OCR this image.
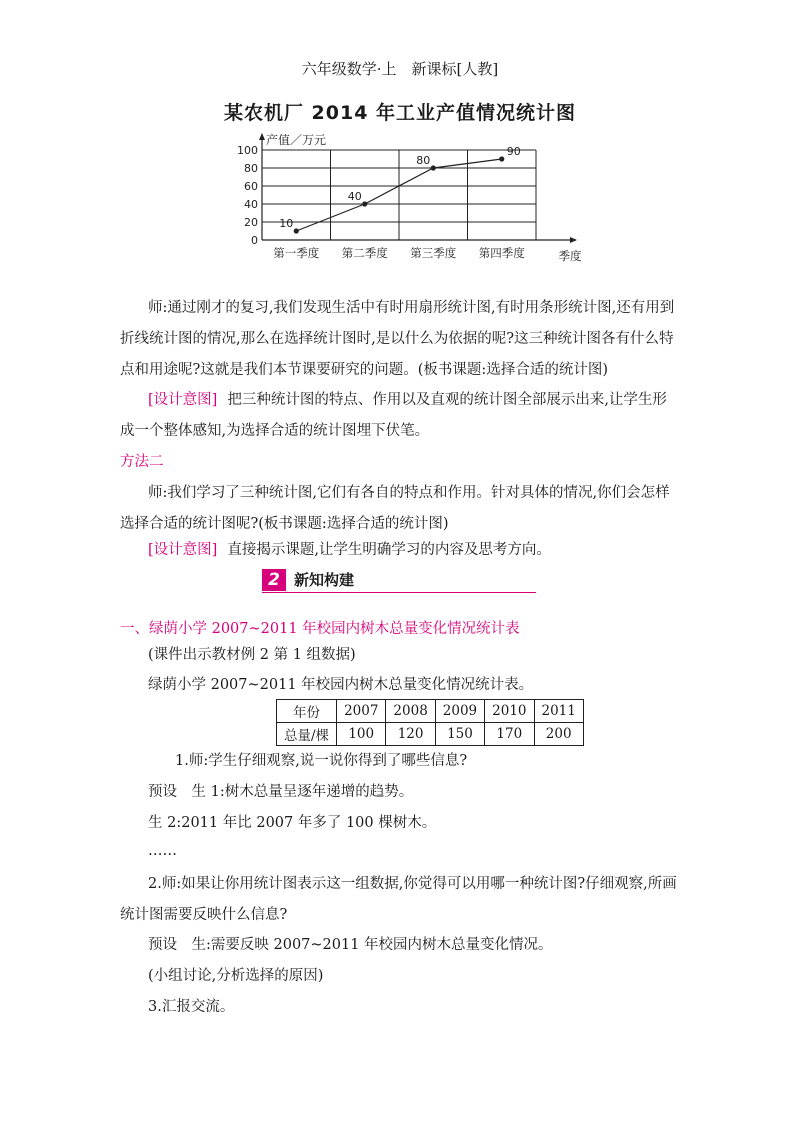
六年级数学·上　新课标[人教]
某农机厂 2014 年工业产值情况统计图
0
20
40
60
80
100
产值／万元
第一季度 第二季度 第三季度 第四季度	季度
10
40
80
90
师:通过刚才的复习,我们发现生活中有时用扇形统计图,有时用条形统计图,还有用到折线统计图的情况,那么在选择统计图时,是以什么为依据的呢?这三种统计图各有什么特点和用途呢?这就是我们本节课要研究的问题。(板书课题:选择合适的统计图)
[设计意图] 把三种统计图的特点、作用以及直观的统计图全部展示出来,让学生形成一个整体感知,为选择合适的统计图埋下伏笔。
方法二
师:我们学习了三种统计图,它们有各自的特点和作用。针对具体的情况,你们会怎样选择合适的统计图呢?(板书课题:选择合适的统计图)
[设计意图] 直接揭示课题,让学生明确学习的内容及思考方向。
2 新知构建
一、绿荫小学 2007~2011 年校园内树木总量变化情况统计表
(课件出示教材例 2 第 1 组数据)
绿荫小学 2007~2011 年校园内树木总量变化情况统计表。
年份	2007	2008	2009	2010	2011
总量/棵	100	120	150	170	200
1.师:学生仔细观察,说一说你得到了哪些信息?
预设　生 1:树木总量呈逐年递增的趋势。
生 2:2011 年比 2007 年多了 100 棵树木。
……
2.师:如果让你用统计图表示这一组数据,你觉得可以用哪一种统计图?仔细观察,所画统计图需要反映什么信息?
预设　生:需要反映 2007~2011 年校园内树木总量变化情况。
(小组讨论,分析选择的原因)
3.汇报交流。
